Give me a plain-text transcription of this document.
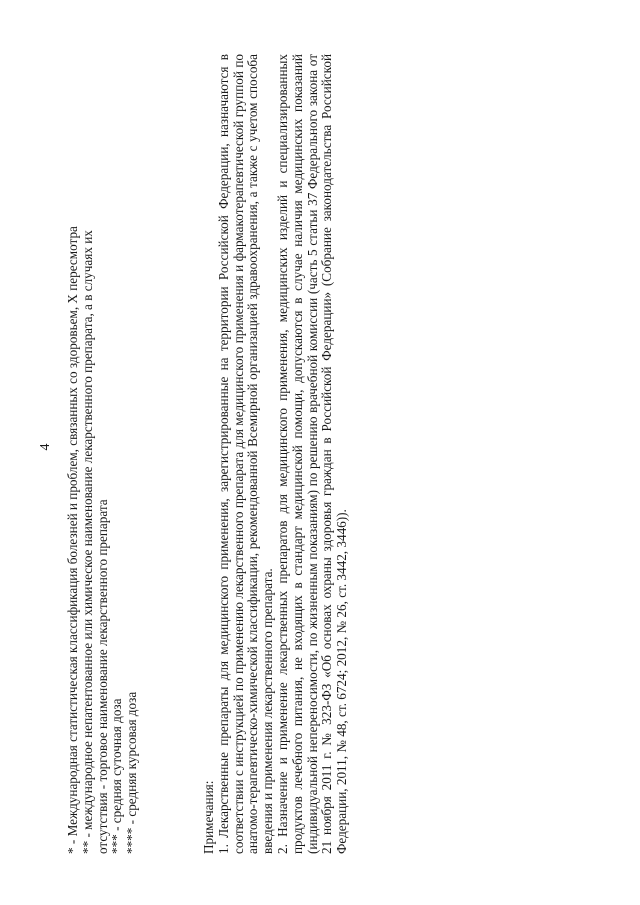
4 * - Международная статистическая классификация болезней и проблем, связанных со здоровьем, X пересмотра ** - международное непатентованное или химическое наименование лекарственного препарата, а в случаях их отсутствия - торговое наименование лекарственного препарата *** - средняя суточная доза **** - средняя курсовая доза	Примечания: 1. Лекарственные препараты для медицинского применения, зарегистрированные на территории Российской Федерации, назначаются в соответствии с инструкцией по применению лекарственного препарата для медицинского применения и фармакотерапевтической группой по анатомо-терапевтическо-химической классификации, рекомендованной Всемирной организацией здравоохранения, а также с учетом способа введения и применения лекарственного препарата. 2. Назначение и применение лекарственных препаратов для медицинского применения, медицинских изделий и специализированных продуктов лечебного питания, не входящих в стандарт медицинской помощи, допускаются в случае наличия медицинских показаний (индивидуальной непереносимости, по жизненным показаниям) по решению врачебной комиссии (часть 5 статьи 37 Федерального закона от 21 ноября 2011 г. № 323-ФЗ «Об основах охраны здоровья граждан в Российской Федерации» (Собрание законодательства Российской Федерации, 2011, № 48, ст. 6724; 2012, № 26, ст. 3442, 3446)).
